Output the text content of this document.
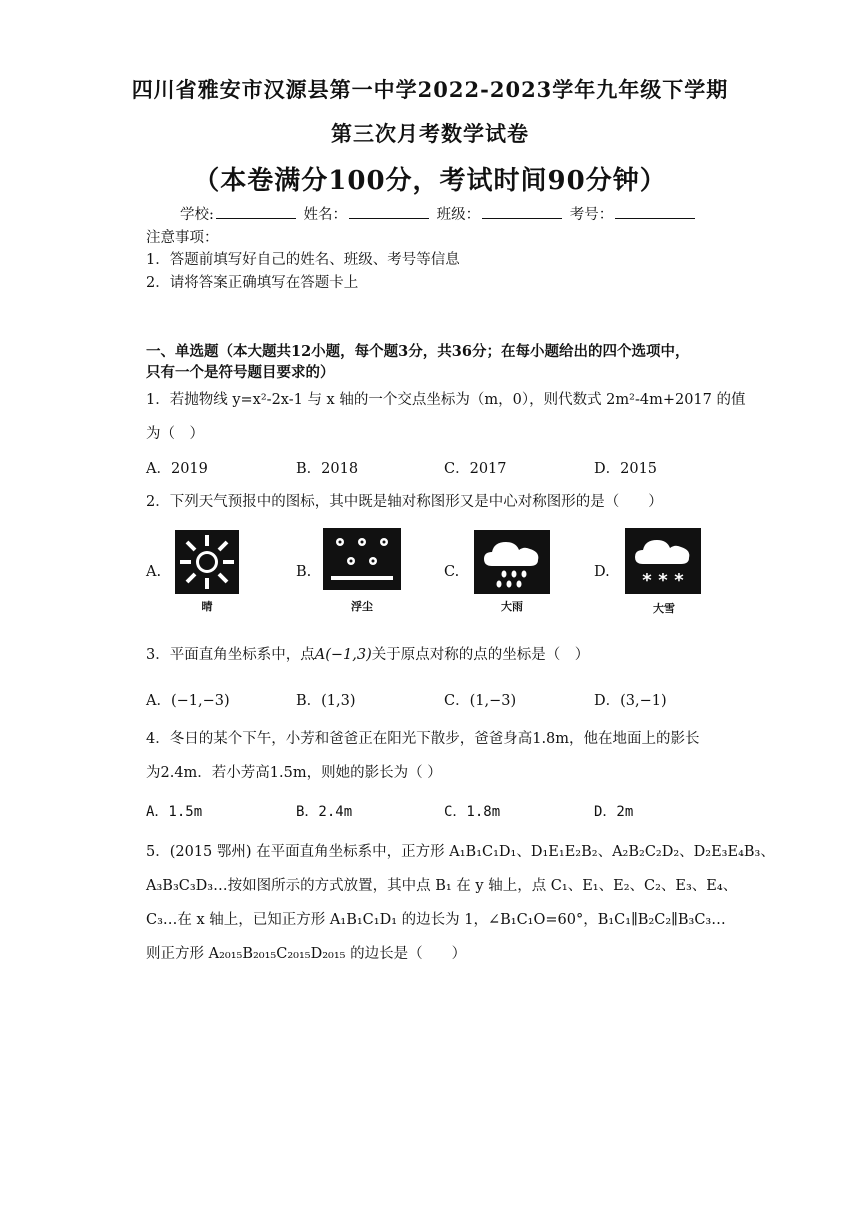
四川省雅安市汉源县第一中学2022-2023学年九年级下学期
第三次月考数学试卷
（本卷满分100分，考试时间90分钟）
学校:	姓名：	班级：	考号：
注意事项：
1．答题前填写好自己的姓名、班级、考号等信息
2．请将答案正确填写在答题卡上
一、单选题（本大题共12小题，每个题3分，共36分；在每小题给出的四个选项中，
只有一个是符号题目要求的）
1．若抛物线 y=x²-2x-1 与 x 轴的一个交点坐标为（m，0），则代数式 2m²-4m+2017 的值
为（　）
A．2019	B．2018	C．2017	D．2015
2．下列天气预报中的图标，其中既是轴对称图形又是中心对称图形的是（　　）
A.	B.	C.	D.
晴	浮尘	大雨
* * *
大雪
3．平面直角坐标系中，点A(−1,3)关于原点对称的点的坐标是（　）
A．(−1,−3)	B．(1,3)	C．(1,−3)	D．(3,−1)
4．冬日的某个下午，小芳和爸爸正在阳光下散步，爸爸身高1.8m，他在地面上的影长
为2.4m．若小芳高1.5m，则她的影长为（ ）
A．1.5m	B．2.4m	C．1.8m	D．2m
5．(2015 鄂州) 在平面直角坐标系中，正方形 A₁B₁C₁D₁、D₁E₁E₂B₂、A₂B₂C₂D₂、D₂E₃E₄B₃、
A₃B₃C₃D₃…按如图所示的方式放置，其中点 B₁ 在 y 轴上，点 C₁、E₁、E₂、C₂、E₃、E₄、
C₃…在 x 轴上，已知正方形 A₁B₁C₁D₁ 的边长为 1，∠B₁C₁O=60°，B₁C₁∥B₂C₂∥B₃C₃…
则正方形 A₂₀₁₅B₂₀₁₅C₂₀₁₅D₂₀₁₅ 的边长是（　　）
